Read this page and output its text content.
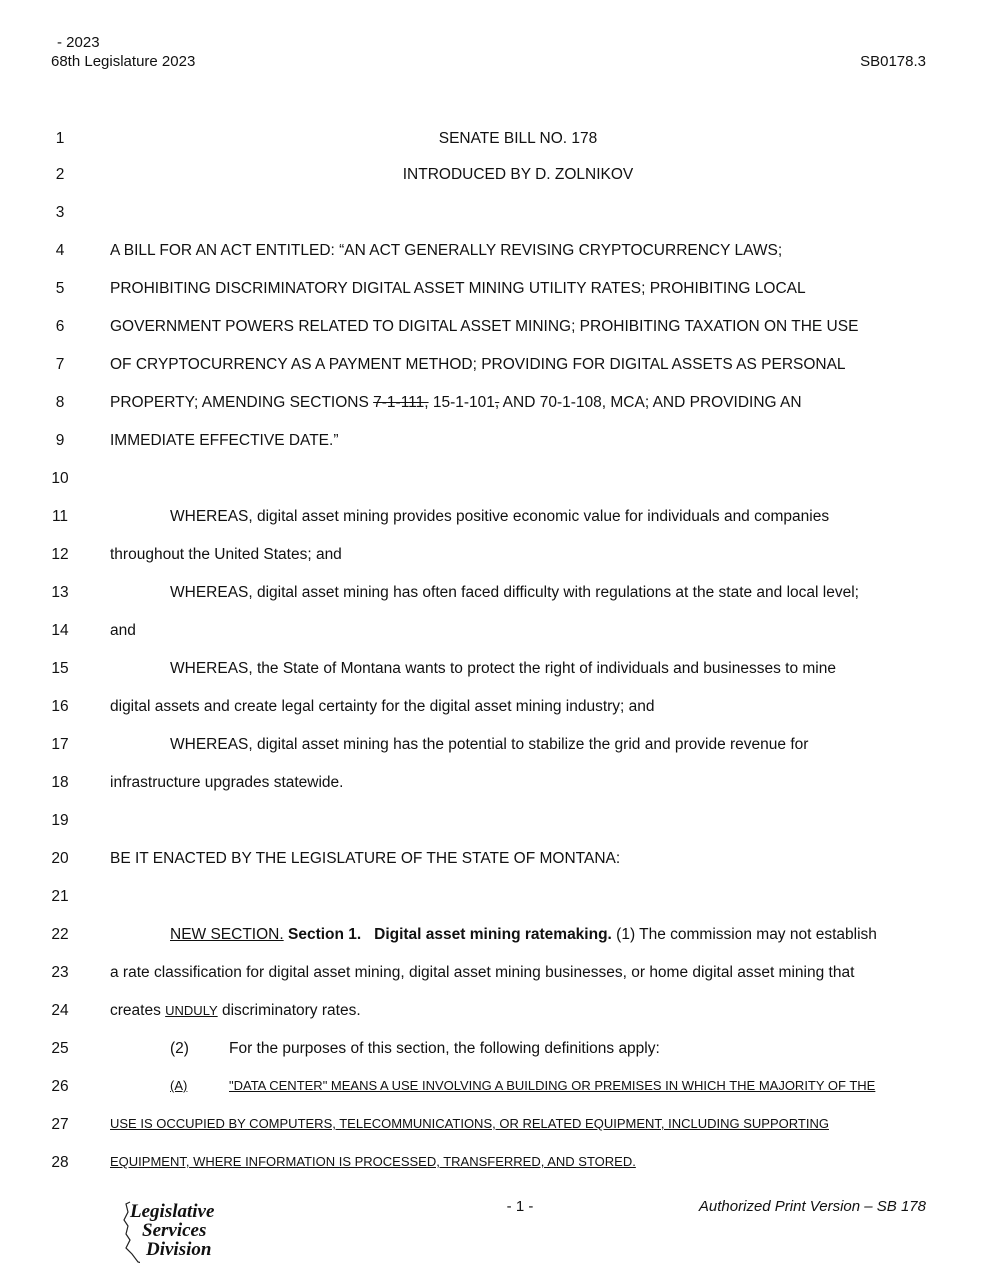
- 2023
68th Legislature 2023	SB0178.3
1	SENATE BILL NO. 178
2	INTRODUCED BY D. ZOLNIKOV
3
4	A BILL FOR AN ACT ENTITLED: “AN ACT GENERALLY REVISING CRYPTOCURRENCY LAWS;
5	PROHIBITING DISCRIMINATORY DIGITAL ASSET MINING UTILITY RATES; PROHIBITING LOCAL
6	GOVERNMENT POWERS RELATED TO DIGITAL ASSET MINING; PROHIBITING TAXATION ON THE USE
7	OF CRYPTOCURRENCY AS A PAYMENT METHOD; PROVIDING FOR DIGITAL ASSETS AS PERSONAL
8	PROPERTY; AMENDING SECTIONS 7-1-111, 15-1-101, AND 70-1-108, MCA; AND PROVIDING AN
9	IMMEDIATE EFFECTIVE DATE.”
10
11	WHEREAS, digital asset mining provides positive economic value for individuals and companies
12	throughout the United States; and
13	WHEREAS, digital asset mining has often faced difficulty with regulations at the state and local level;
14	and
15	WHEREAS, the State of Montana wants to protect the right of individuals and businesses to mine
16	digital assets and create legal certainty for the digital asset mining industry; and
17	WHEREAS, digital asset mining has the potential to stabilize the grid and provide revenue for
18	infrastructure upgrades statewide.
19
20	BE IT ENACTED BY THE LEGISLATURE OF THE STATE OF MONTANA:
21
22	NEW SECTION. Section 1. Digital asset mining ratemaking. (1) The commission may not establish
23	a rate classification for digital asset mining, digital asset mining businesses, or home digital asset mining that
24	creates UNDULY discriminatory rates.
25	(2)	For the purposes of this section, the following definitions apply:
26	(A)	"DATA CENTER" MEANS A USE INVOLVING A BUILDING OR PREMISES IN WHICH THE MAJORITY OF THE
27	USE IS OCCUPIED BY COMPUTERS, TELECOMMUNICATIONS, OR RELATED EQUIPMENT, INCLUDING SUPPORTING
28	EQUIPMENT, WHERE INFORMATION IS PROCESSED, TRANSFERRED, AND STORED.
Legislative
Services
Division
- 1 -	Authorized Print Version – SB 178
